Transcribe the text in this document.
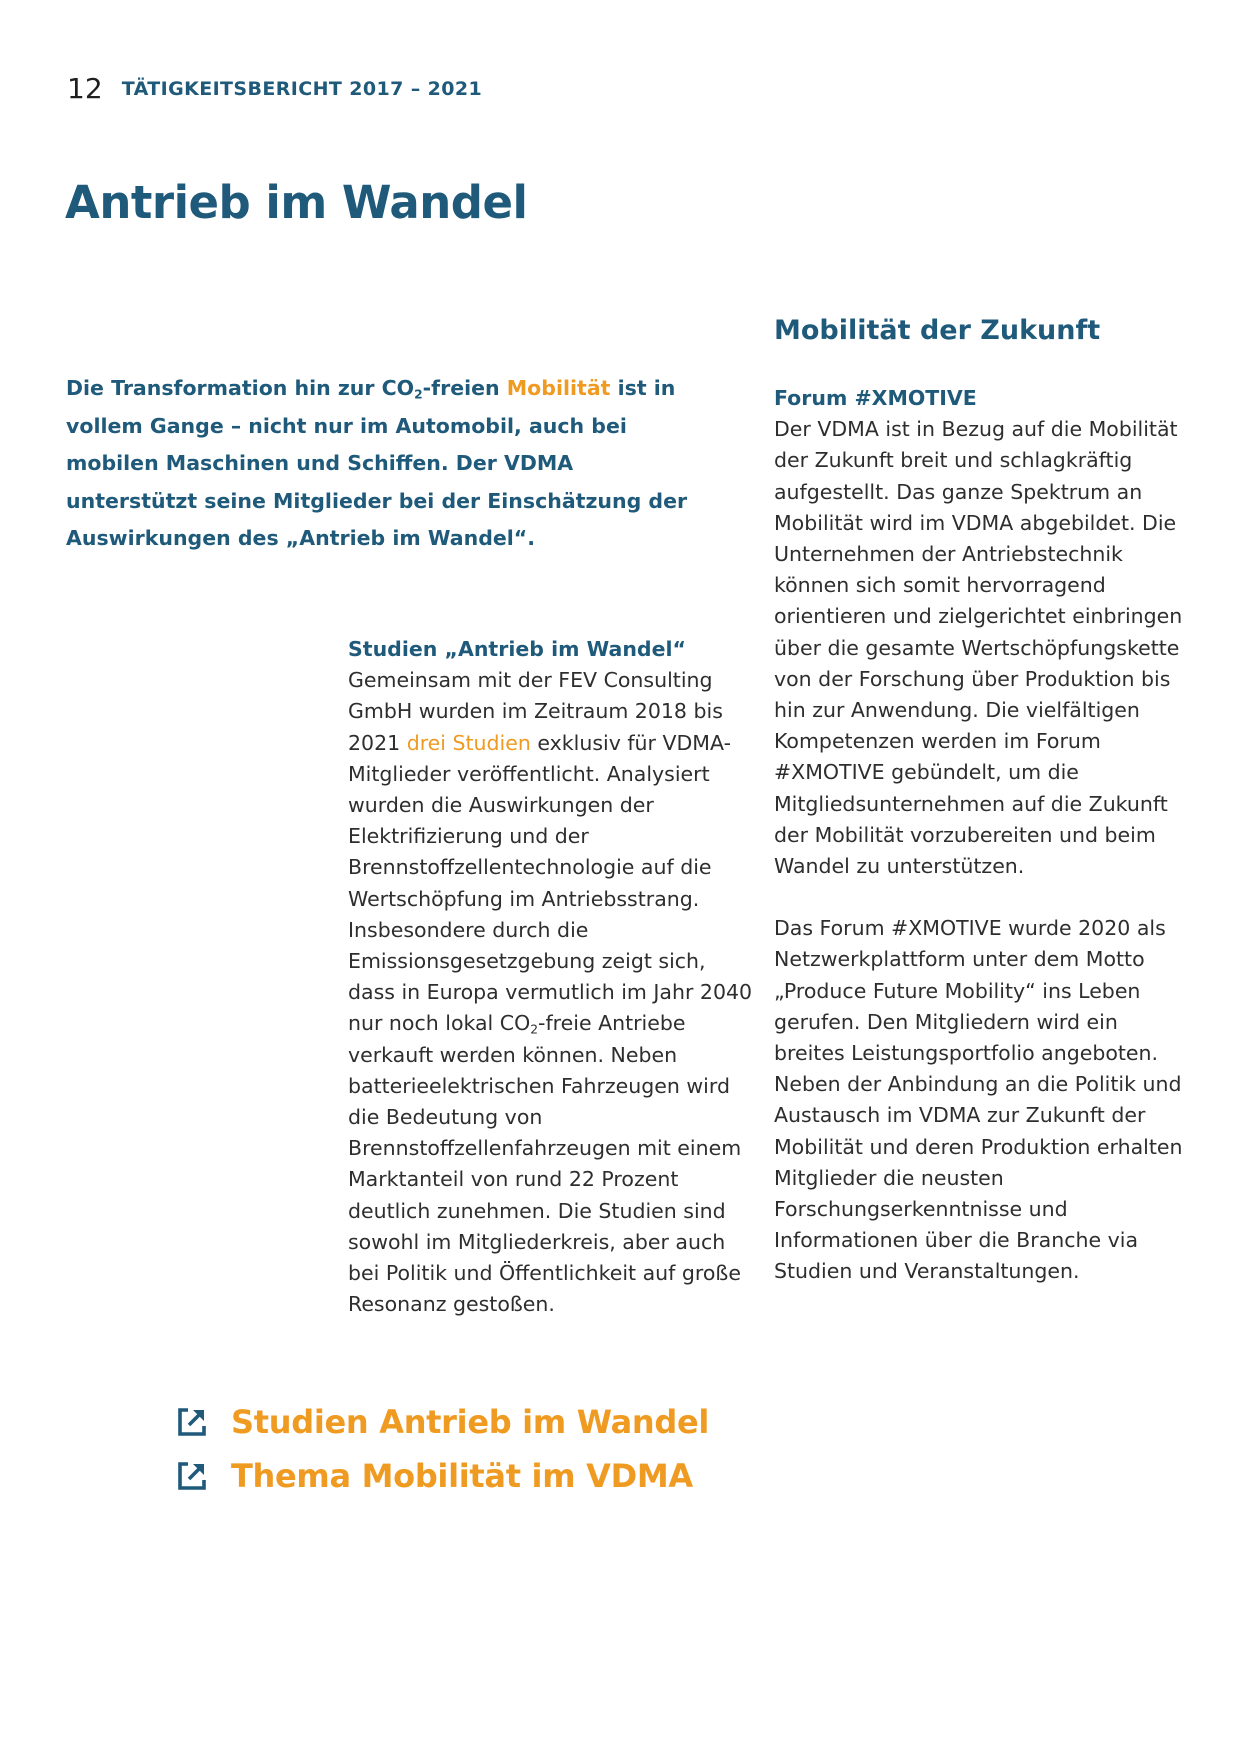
12 TÄTIGKEITSBERICHT 2017 – 2021
Antrieb im Wandel

Die Transformation hin zur $CO_2$-freien Mobilität ist in vollem Gange – nicht nur im Automobil, auch bei mobilen Maschinen und Schiffen. Der VDMA unterstützt seine Mitglieder bei der Einschätzung der Auswirkungen des „Antrieb im Wandel“.

Studien „Antrieb im Wandel“

Gemeinsam mit der FEV Consulting GmbH wurden im Zeitraum 2018 bis 2021 drei Studien exklusiv für VDMA-Mitglieder veröffentlicht. Analysiert wurden die Auswirkungen der Elektrifizierung und der Brennstoffzellentechnologie auf die Wertschöpfung im Antriebsstrang. Insbesondere durch die Emissionsgesetzgebung zeigt sich, dass in Europa vermutlich im Jahr 2040 nur noch lokal $CO_2$-freie Antriebe verkauft werden können. Neben batterieelektrischen Fahrzeugen wird die Bedeutung von Brennstoffzellenfahrzeugen mit einem Marktanteil von rund 22 Prozent deutlich zunehmen. Die Studien sind sowohl im Mitgliederkreis, aber auch bei Politik und Öffentlichkeit auf große Resonanz gestoßen.

Mobilität der Zukunft

Forum #XMOTIVE

Der VDMA ist in Bezug auf die Mobilität der Zukunft breit und schlagkräftig aufgestellt. Das ganze Spektrum an Mobilität wird im VDMA abgebildet. Die Unternehmen der Antriebstechnik können sich somit hervorragend orientieren und zielgerichtet einbringen über die gesamte Wertschöpfungskette von der Forschung über Produktion bis hin zur Anwendung. Die vielfältigen Kompetenzen werden im Forum #XMOTIVE gebündelt, um die Mitgliedsunternehmen auf die Zukunft der Mobilität vorzubereiten und beim Wandel zu unterstützen.

Das Forum #XMOTIVE wurde 2020 als Netzwerkplattform unter dem Motto „Produce Future Mobility“ ins Leben gerufen. Den Mitgliedern wird ein breites Leistungsportfolio angeboten. Neben der Anbindung an die Politik und Austausch im VDMA zur Zukunft der Mobilität und deren Produktion erhalten Mitglieder die neusten Forschungserkenntnisse und Informationen über die Branche via Studien und Veranstaltungen.

Studien Antrieb im Wandel
Thema Mobilität im VDMA
